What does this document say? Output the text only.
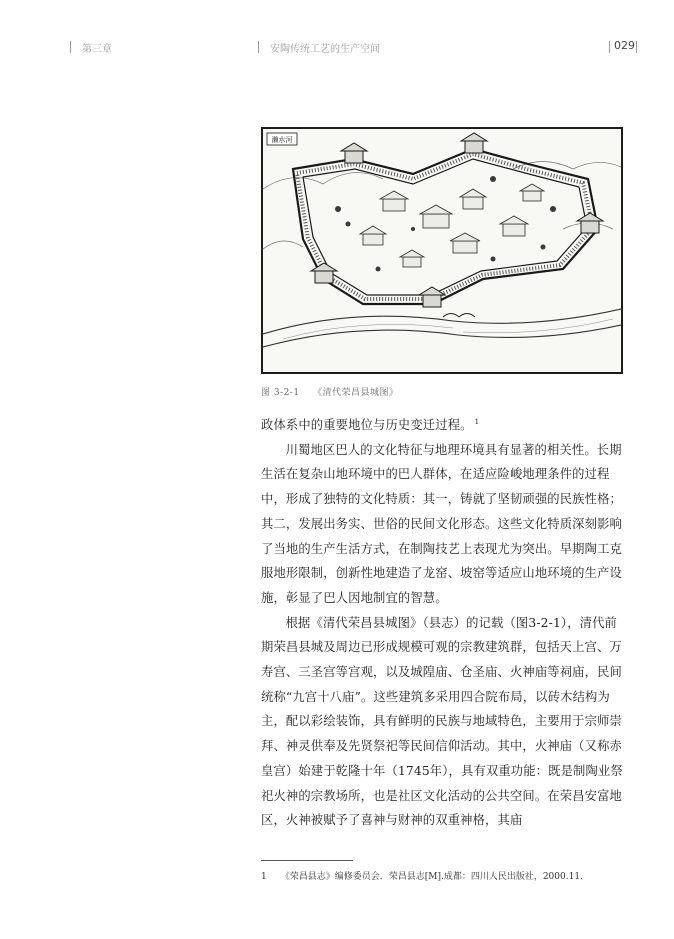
第三章	安陶传统工艺的生产空间	029
濑水河
图 3-2-1 《清代荣昌县城图》

政体系中的重要地位与历史变迁过程。 $^1$

川蜀地区巴人的文化特征与地理环境具有显著的相关性。长期生活在复杂山地环境中的巴人群体，在适应险峻地理条件的过程中，形成了独特的文化特质：其一，铸就了坚韧顽强的民族性格；其二，发展出务实、世俗的民间文化形态。这些文化特质深刻影响了当地的生产生活方式，在制陶技艺上表现尤为突出。早期陶工克服地形限制，创新性地建造了龙窑、坡窑等适应山地环境的生产设施，彰显了巴人因地制宜的智慧。

根据《清代荣昌县城图》（县志）的记载（图3-2-1），清代前期荣昌县城及周边已形成规模可观的宗教建筑群，包括天上宫、万寿宫、三圣宫等宫观，以及城隍庙、仓圣庙、火神庙等祠庙，民间统称“九宫十八庙”。这些建筑多采用四合院布局，以砖木结构为主，配以彩绘装饰，具有鲜明的民族与地域特色，主要用于宗师崇拜、神灵供奉及先贤祭祀等民间信仰活动。其中，火神庙（又称赤皇宫）始建于乾隆十年（1745年），具有双重功能：既是制陶业祭祀火神的宗教场所，也是社区文化活动的公共空间。在荣昌安富地区，火神被赋予了喜神与财神的双重神格，其庙

1 《荣昌县志》编修委员会．荣昌县志[M].成都：四川人民出版社，2000.11.
